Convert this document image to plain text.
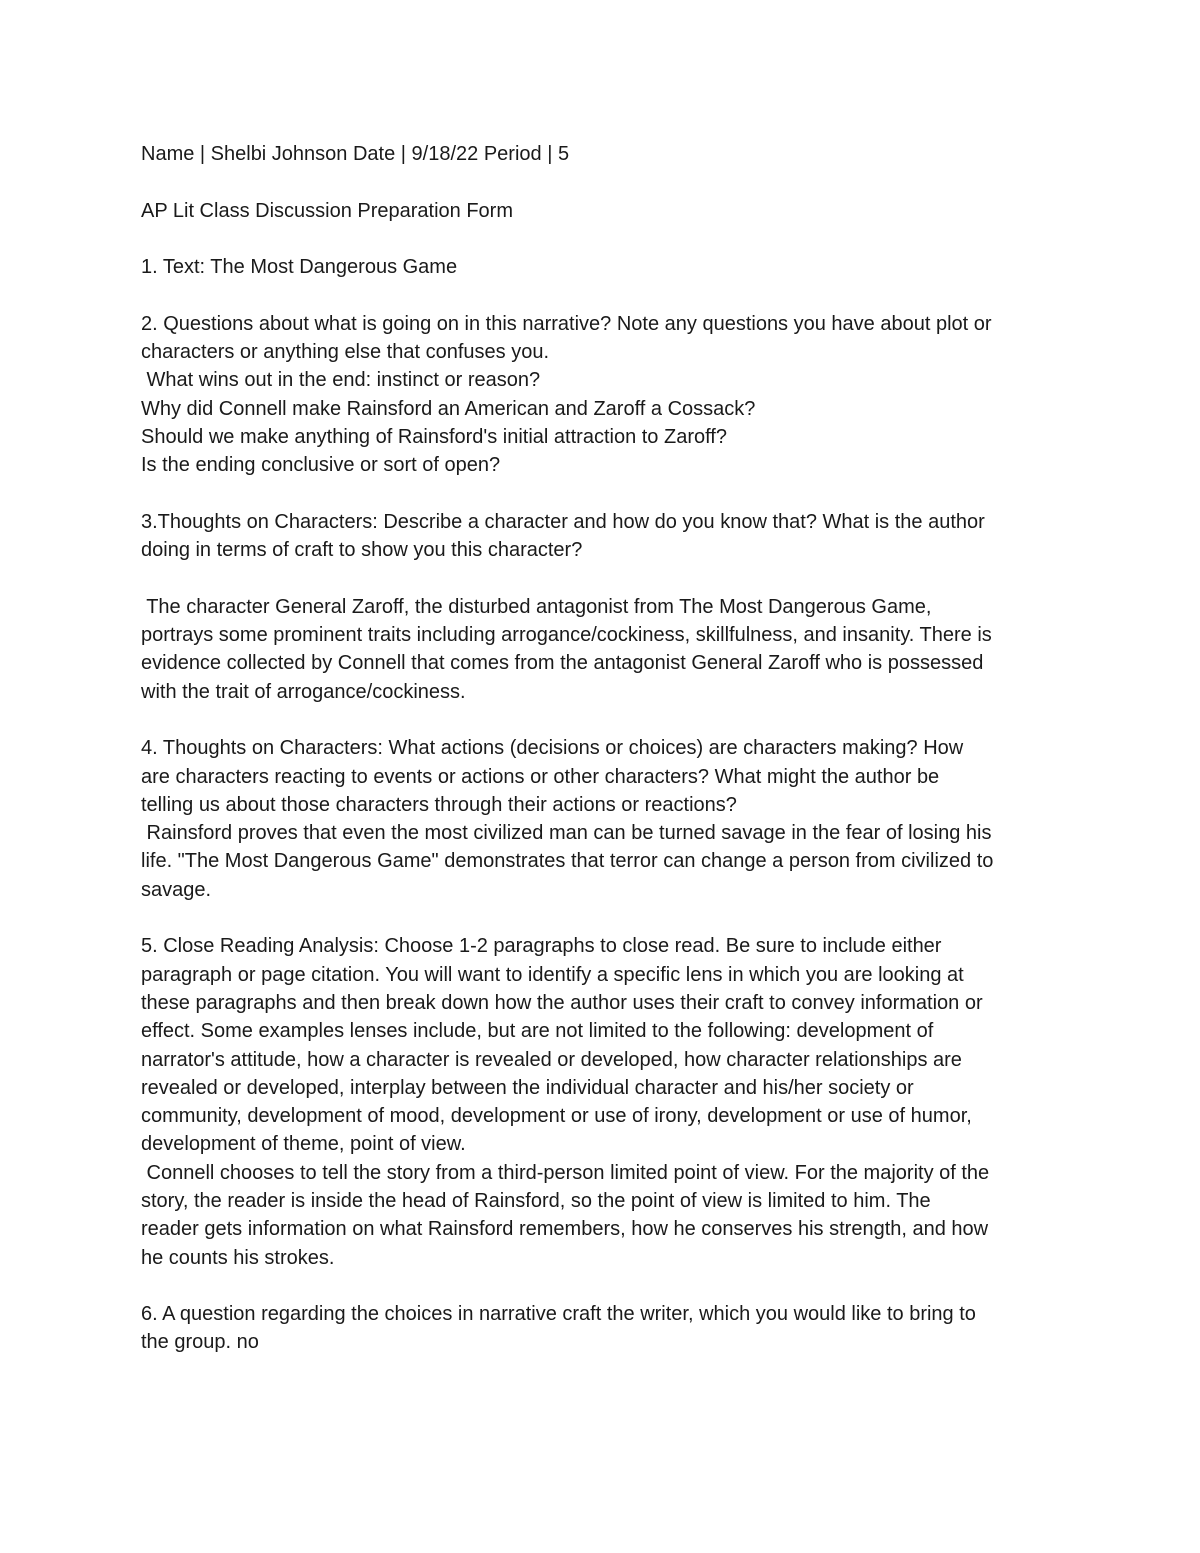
Name | Shelbi Johnson Date | 9/18/22 Period | 5
AP Lit Class Discussion Preparation Form
1. Text: The Most Dangerous Game
2. Questions about what is going on in this narrative? Note any questions you have about plot or
characters or anything else that confuses you.
What wins out in the end: instinct or reason?
Why did Connell make Rainsford an American and Zaroff a Cossack?
Should we make anything of Rainsford's initial attraction to Zaroff?
Is the ending conclusive or sort of open?
3.Thoughts on Characters: Describe a character and how do you know that? What is the author
doing in terms of craft to show you this character?
The character General Zaroff, the disturbed antagonist from The Most Dangerous Game,
portrays some prominent traits including arrogance/cockiness, skillfulness, and insanity. There is
evidence collected by Connell that comes from the antagonist General Zaroff who is possessed
with the trait of arrogance/cockiness.
4. Thoughts on Characters: What actions (decisions or choices) are characters making? How
are characters reacting to events or actions or other characters? What might the author be
telling us about those characters through their actions or reactions?
Rainsford proves that even the most civilized man can be turned savage in the fear of losing his
life. "The Most Dangerous Game" demonstrates that terror can change a person from civilized to
savage.
5. Close Reading Analysis: Choose 1-2 paragraphs to close read. Be sure to include either
paragraph or page citation. You will want to identify a specific lens in which you are looking at
these paragraphs and then break down how the author uses their craft to convey information or
effect. Some examples lenses include, but are not limited to the following: development of
narrator's attitude, how a character is revealed or developed, how character relationships are
revealed or developed, interplay between the individual character and his/her society or
community, development of mood, development or use of irony, development or use of humor,
development of theme, point of view.
Connell chooses to tell the story from a third-person limited point of view. For the majority of the
story, the reader is inside the head of Rainsford, so the point of view is limited to him. The
reader gets information on what Rainsford remembers, how he conserves his strength, and how
he counts his strokes.
6. A question regarding the choices in narrative craft the writer, which you would like to bring to
the group. no
